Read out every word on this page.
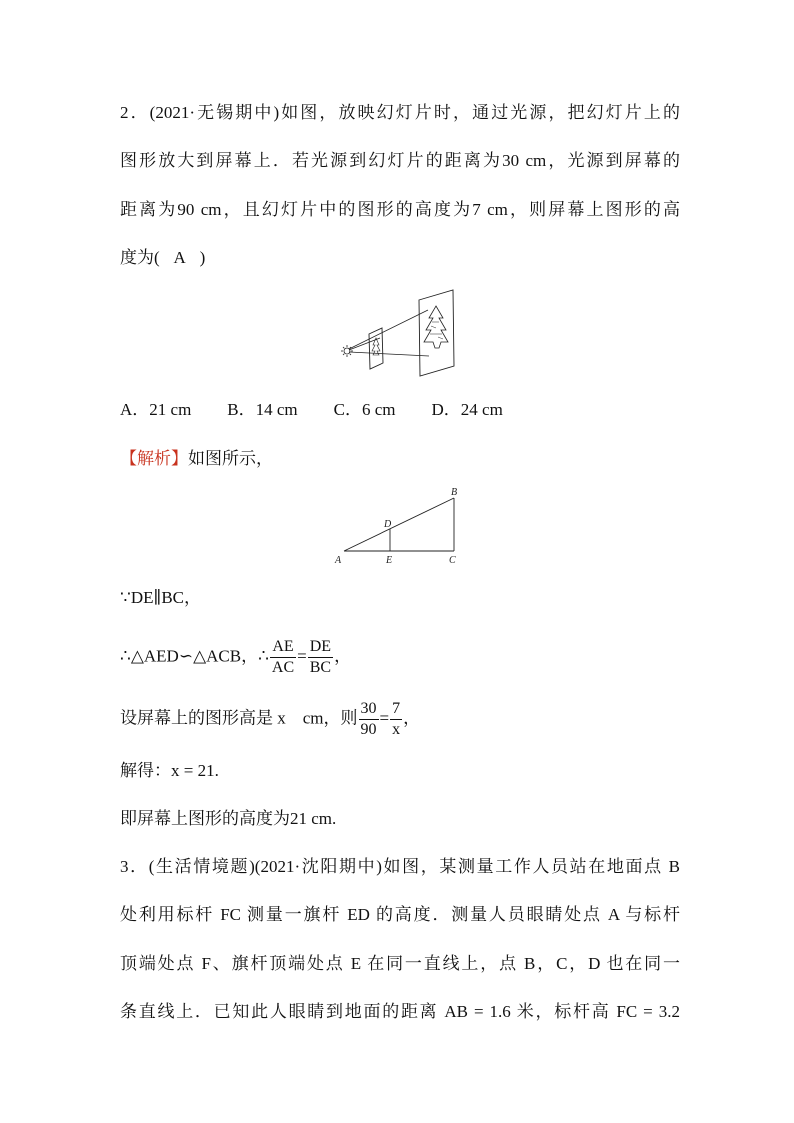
2．(2021·无锡期中)如图，放映幻灯片时，通过光源，把幻灯片上的
图形放大到屏幕上．若光源到幻灯片的距离为30 cm，光源到屏幕的
距离为90 cm，且幻灯片中的图形的高度为7 cm，则屏幕上图形的高
度为( A )
A．21 cm B．14 cm C．6 cm D．24 cm
【解析】如图所示，
A
B
C
D
E
∵DE∥BC，
∴△AED∽△ACB，∴ $\frac{AE}{AC} = \frac{DE}{BC}$ ，
设屏幕上的图形高是 x　cm，则 $\frac{30}{90} = \frac{7}{x}$ ，
解得：x = 21.
即屏幕上图形的高度为21 cm.
3．(生活情境题)(2021·沈阳期中)如图，某测量工作人员站在地面点 B
处利用标杆 FC 测量一旗杆 ED 的高度．测量人员眼睛处点 A 与标杆
顶端处点 F、旗杆顶端处点 E 在同一直线上，点 B，C，D 也在同一
条直线上．已知此人眼睛到地面的距离 AB = 1.6 米，标杆高 FC = 3.2
